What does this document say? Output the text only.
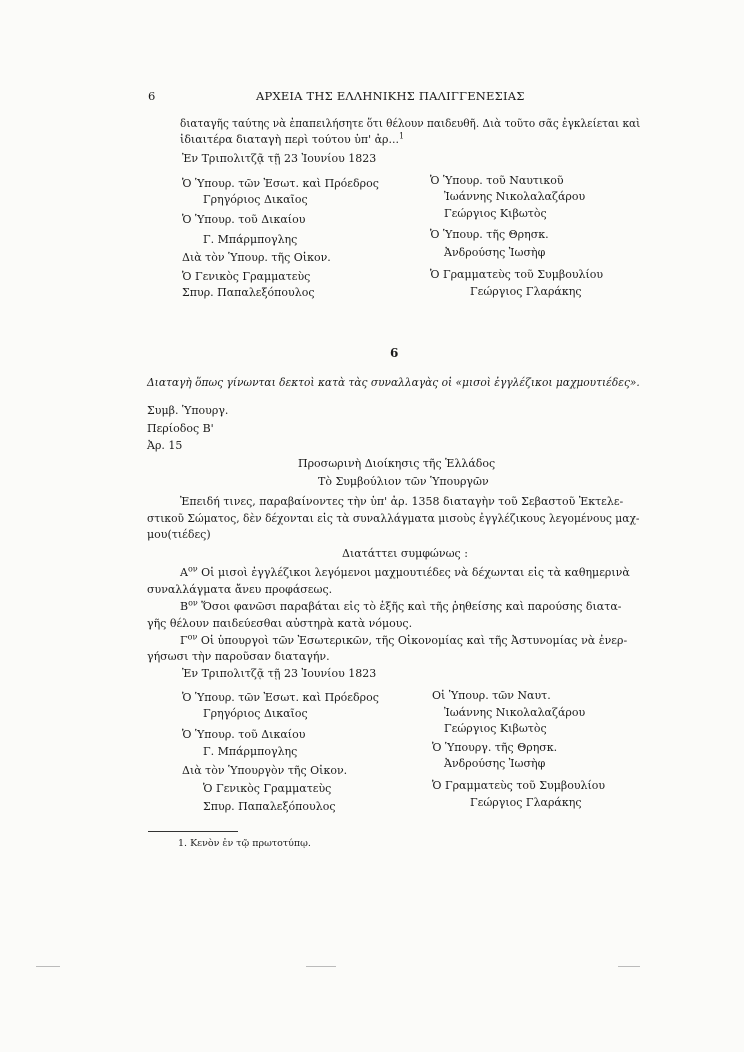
6	ΑΡΧΕΙΑ ΤΗΣ ΕΛΛΗΝΙΚΗΣ ΠΑΛΙΓΓΕΝΕΣΙΑΣ
διαταγῆς ταύτης νὰ ἐπαπειλήσητε ὅτι θέλουν παιδευθῆ. Διὰ τοῦτο σᾶς ἐγκλείεται καὶ
ἰδιαιτέρα διαταγὴ περὶ τούτου ὑπ' ἀρ...$^1$
Ἐν Τριπολιτζᾷ τῇ 23 Ἰουνίου 1823
Ὁ Ὑπουρ. τῶν Ἐσωτ. καὶ Πρόεδρος
Γρηγόριος Δικαῖος
Ὁ Ὑπουρ. τοῦ Δικαίου
Γ. Μπάρμπογλης
Διὰ τὸν Ὑπουρ. τῆς Οἰκον.
Ὁ Γενικὸς Γραμματεὺς
Σπυρ. Παπαλεξόπουλος
Ὁ Ὑπουρ. τοῦ Ναυτικοῦ
Ἰωάννης Νικολαλαζάρου
Γεώργιος Κιβωτὸς
Ὁ Ὑπουρ. τῆς Θρησκ.
Ἀνδρούσης Ἰωσὴφ
Ὁ Γραμματεὺς τοῦ Συμβουλίου
Γεώργιος Γλαράκης
6
Διαταγὴ ὅπως γίνωνται δεκτοὶ κατὰ τὰς συναλλαγὰς οἱ «μισοὶ ἐγγλέζικοι μαχμουτιέδες».
Συμβ. Ὑπουργ.
Περίοδος Β'
Ἀρ. 15
Προσωρινὴ Διοίκησις τῆς Ἑλλάδος
Τὸ Συμβούλιον τῶν Ὑπουργῶν
Ἐπειδή τινες, παραβαίνοντες τὴν ὑπ' ἀρ. 1358 διαταγὴν τοῦ Σεβαστοῦ Ἐκτελε-
στικοῦ Σώματος, δὲν δέχονται εἰς τὰ συναλλάγματα μισοὺς ἐγγλέζικους λεγομένους μαχ-
μου(τιέδες)
Διατάττει συμφώνως :
$A^{o\nu}$ Οἱ μισοὶ ἐγγλέζικοι λεγόμενοι μαχμουτιέδες νὰ δέχωνται εἰς τὰ καθημερινὰ
συναλλάγματα ἄνευ προφάσεως.
$B^{o\nu}$ Ὅσοι φανῶσι παραβάται εἰς τὸ ἑξῆς καὶ τῆς ῥηθείσης καὶ παρούσης διατα-
γῆς θέλουν παιδεύεσθαι αὐστηρὰ κατὰ νόμους.
$\Gamma^{o\nu}$ Οἱ ὑπουργοὶ τῶν Ἐσωτερικῶν, τῆς Οἰκονομίας καὶ τῆς Ἀστυνομίας νὰ ἐνερ-
γήσωσι τὴν παροῦσαν διαταγήν.
Ἐν Τριπολιτζᾷ τῇ 23 Ἰουνίου 1823
Ὁ Ὑπουρ. τῶν Ἐσωτ. καὶ Πρόεδρος
Γρηγόριος Δικαῖος
Ὁ Ὑπουρ. τοῦ Δικαίου
Γ. Μπάρμπογλης
Διὰ τὸν Ὑπουργὸν τῆς Οἰκον.
Ὁ Γενικὸς Γραμματεὺς
Σπυρ. Παπαλεξόπουλος
Οἱ Ὑπουρ. τῶν Ναυτ.
Ἰωάννης Νικολαλαζάρου
Γεώργιος Κιβωτὸς
Ὁ Ὑπουργ. τῆς Θρησκ.
Ἀνδρούσης Ἰωσὴφ
Ὁ Γραμματεὺς τοῦ Συμβουλίου
Γεώργιος Γλαράκης
1. Κενὸν ἐν τῷ πρωτοτύπῳ.
